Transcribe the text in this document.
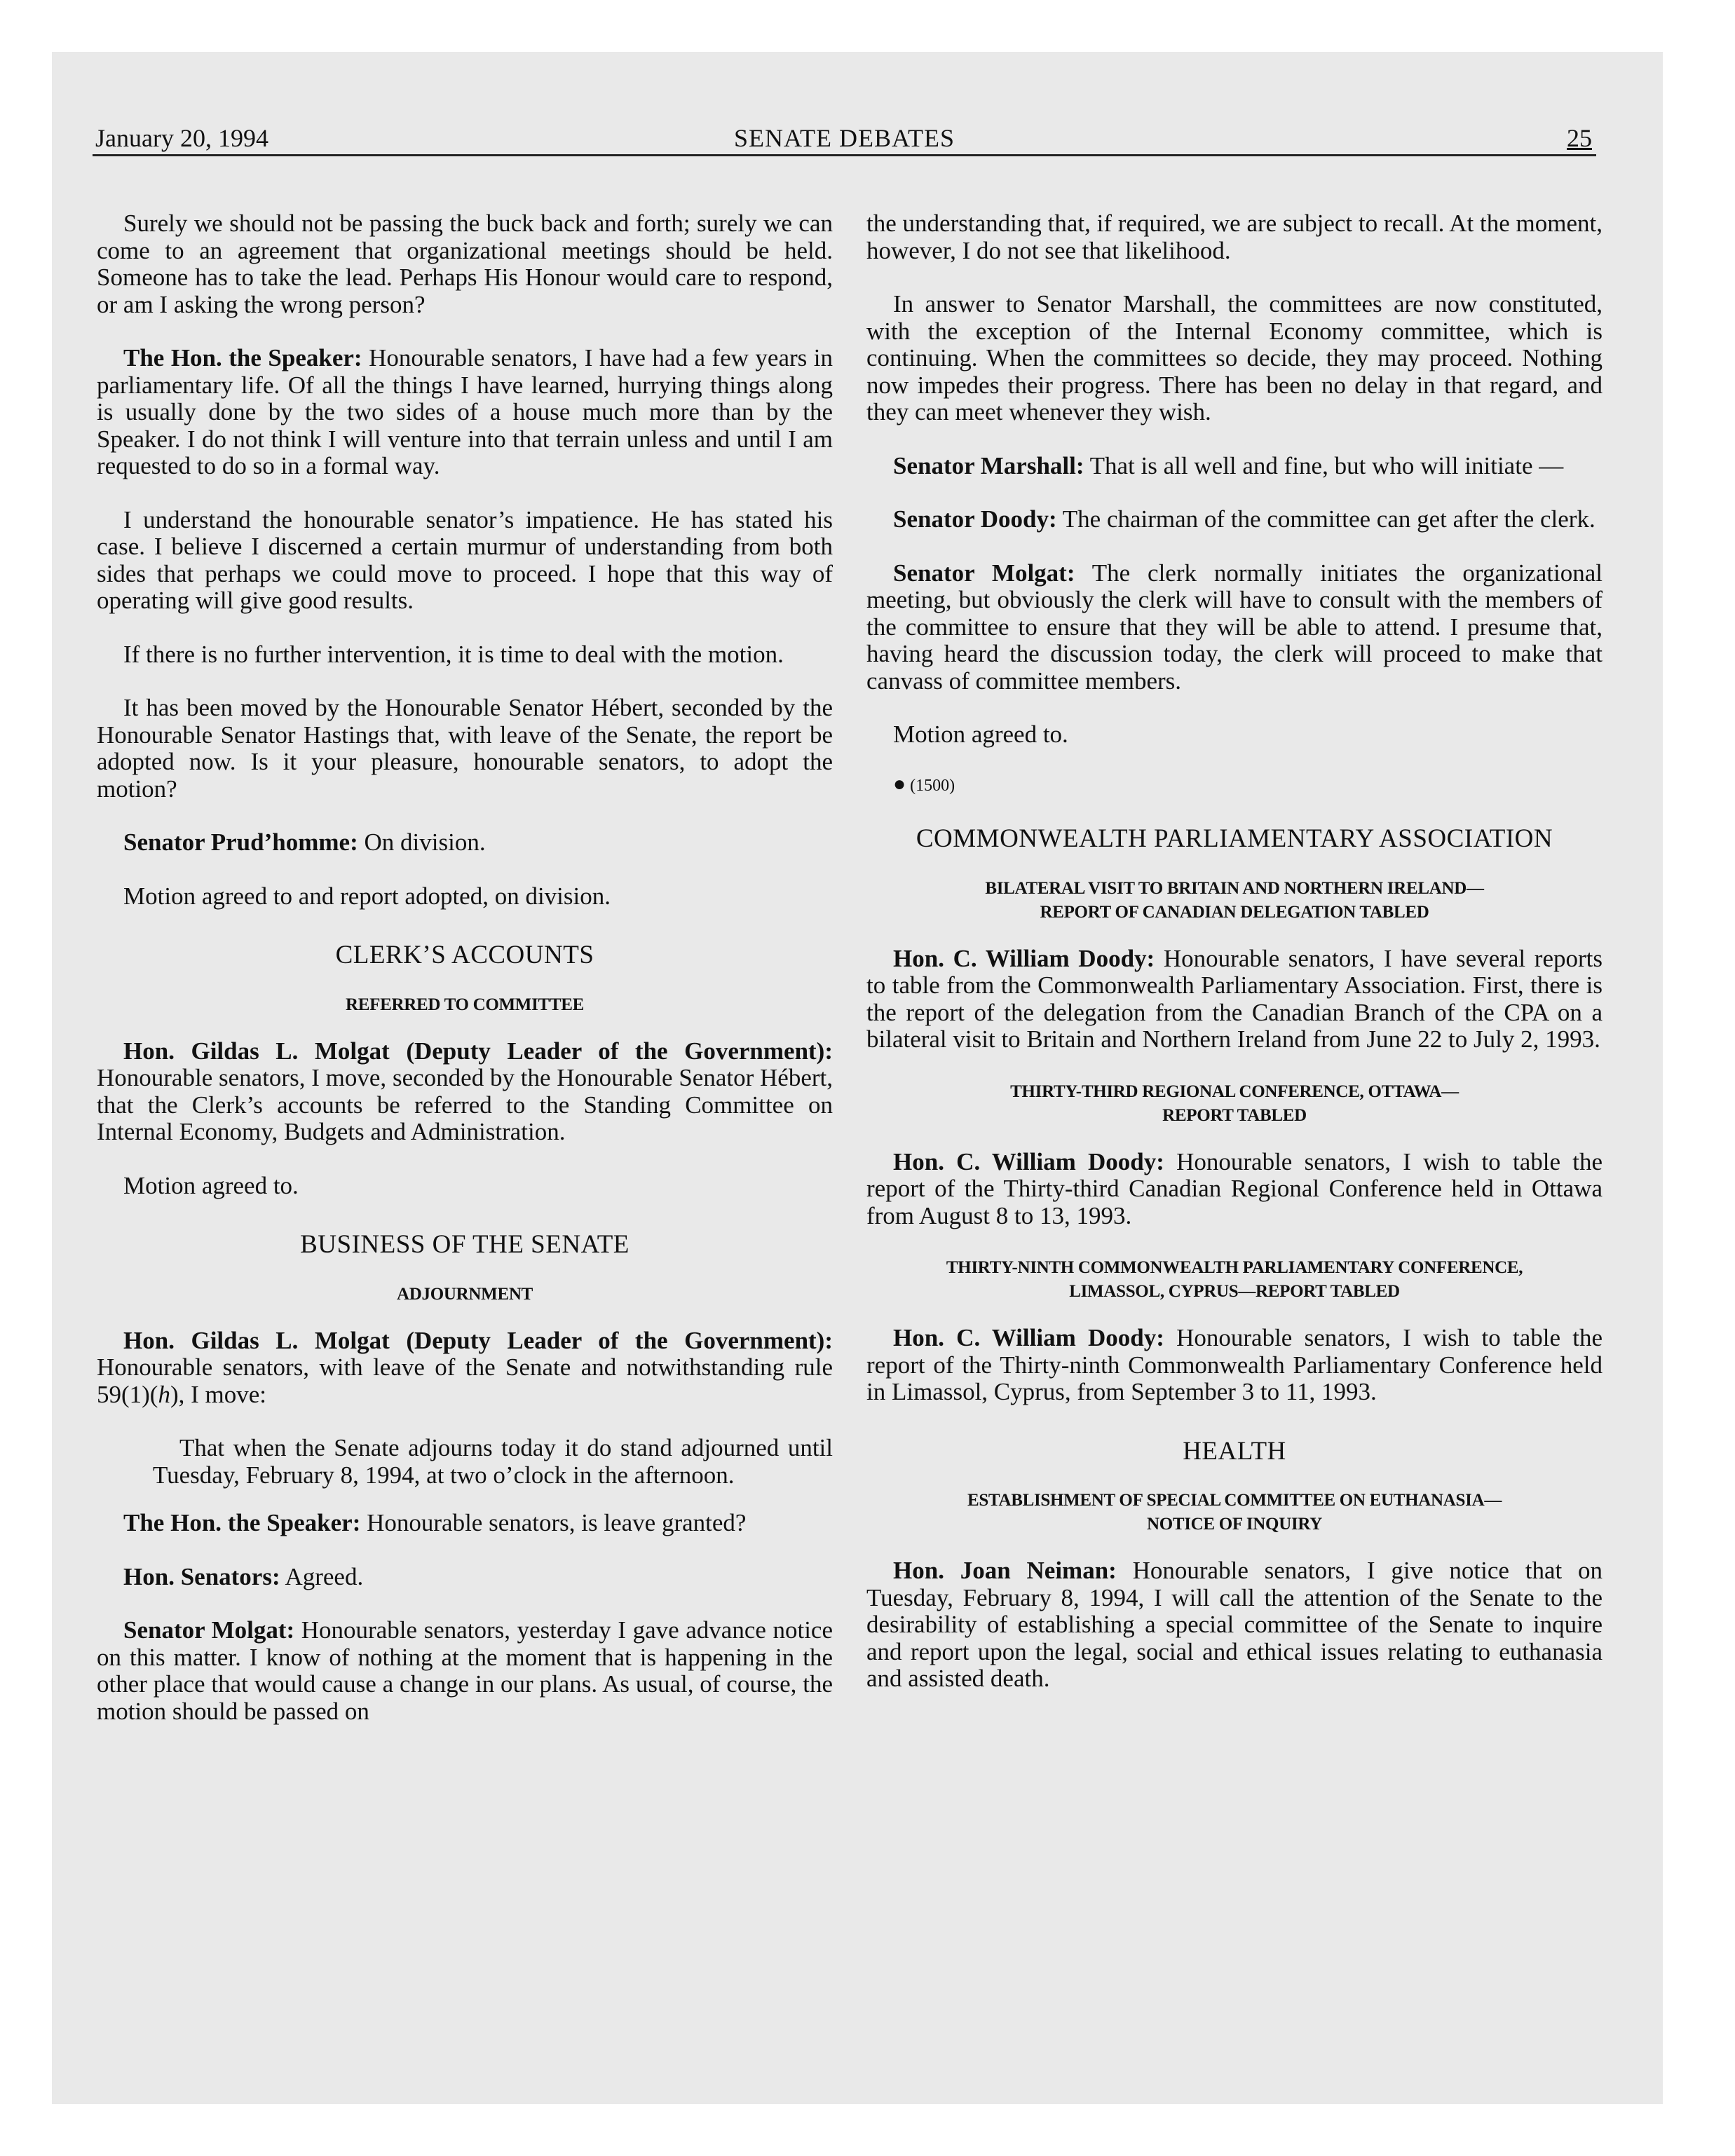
January 20, 1994	SENATE DEBATES	25

Surely we should not be passing the buck back and forth; surely we can come to an agreement that organizational meetings should be held. Someone has to take the lead. Perhaps His Honour would care to respond, or am I asking the wrong person?

The Hon. the Speaker: Honourable senators, I have had a few years in parliamentary life. Of all the things I have learned, hurrying things along is usually done by the two sides of a house much more than by the Speaker. I do not think I will venture into that terrain unless and until I am requested to do so in a formal way.

I understand the honourable senator’s impatience. He has stated his case. I believe I discerned a certain murmur of understanding from both sides that perhaps we could move to proceed. I hope that this way of operating will give good results.

If there is no further intervention, it is time to deal with the motion.

It has been moved by the Honourable Senator Hébert, seconded by the Honourable Senator Hastings that, with leave of the Senate, the report be adopted now. Is it your pleasure, honourable senators, to adopt the motion?

Senator Prud’homme: On division.

Motion agreed to and report adopted, on division.

CLERK’S ACCOUNTS
REFERRED TO COMMITTEE

Hon. Gildas L. Molgat (Deputy Leader of the Government): Honourable senators, I move, seconded by the Honourable Senator Hébert, that the Clerk’s accounts be referred to the Standing Committee on Internal Economy, Budgets and Administration.

Motion agreed to.

BUSINESS OF THE SENATE
ADJOURNMENT

Hon. Gildas L. Molgat (Deputy Leader of the Government): Honourable senators, with leave of the Senate and notwithstanding rule 59(1)(h), I move:

That when the Senate adjourns today it do stand adjourned until Tuesday, February 8, 1994, at two o’clock in the afternoon.

The Hon. the Speaker: Honourable senators, is leave granted?

Hon. Senators: Agreed.

Senator Molgat: Honourable senators, yesterday I gave advance notice on this matter. I know of nothing at the moment that is happening in the other place that would cause a change in our plans. As usual, of course, the motion should be passed on

the understanding that, if required, we are subject to recall. At the moment, however, I do not see that likelihood.

In answer to Senator Marshall, the committees are now constituted, with the exception of the Internal Economy committee, which is continuing. When the committees so decide, they may proceed. Nothing now impedes their progress. There has been no delay in that regard, and they can meet whenever they wish.

Senator Marshall: That is all well and fine, but who will initiate —

Senator Doody: The chairman of the committee can get after the clerk.

Senator Molgat: The clerk normally initiates the organizational meeting, but obviously the clerk will have to consult with the members of the committee to ensure that they will be able to attend. I presume that, having heard the discussion today, the clerk will proceed to make that canvass of committee members.

Motion agreed to.

● (1500)

COMMONWEALTH PARLIAMENTARY ASSOCIATION
BILATERAL VISIT TO BRITAIN AND NORTHERN IRELAND—
REPORT OF CANADIAN DELEGATION TABLED

Hon. C. William Doody: Honourable senators, I have several reports to table from the Commonwealth Parliamentary Association. First, there is the report of the delegation from the Canadian Branch of the CPA on a bilateral visit to Britain and Northern Ireland from June 22 to July 2, 1993.

THIRTY-THIRD REGIONAL CONFERENCE, OTTAWA—
REPORT TABLED

Hon. C. William Doody: Honourable senators, I wish to table the report of the Thirty-third Canadian Regional Conference held in Ottawa from August 8 to 13, 1993.

THIRTY-NINTH COMMONWEALTH PARLIAMENTARY CONFERENCE,
LIMASSOL, CYPRUS—REPORT TABLED

Hon. C. William Doody: Honourable senators, I wish to table the report of the Thirty-ninth Commonwealth Parliamentary Conference held in Limassol, Cyprus, from September 3 to 11, 1993.

HEALTH
ESTABLISHMENT OF SPECIAL COMMITTEE ON EUTHANASIA—
NOTICE OF INQUIRY

Hon. Joan Neiman: Honourable senators, I give notice that on Tuesday, February 8, 1994, I will call the attention of the Senate to the desirability of establishing a special committee of the Senate to inquire and report upon the legal, social and ethical issues relating to euthanasia and assisted death.
